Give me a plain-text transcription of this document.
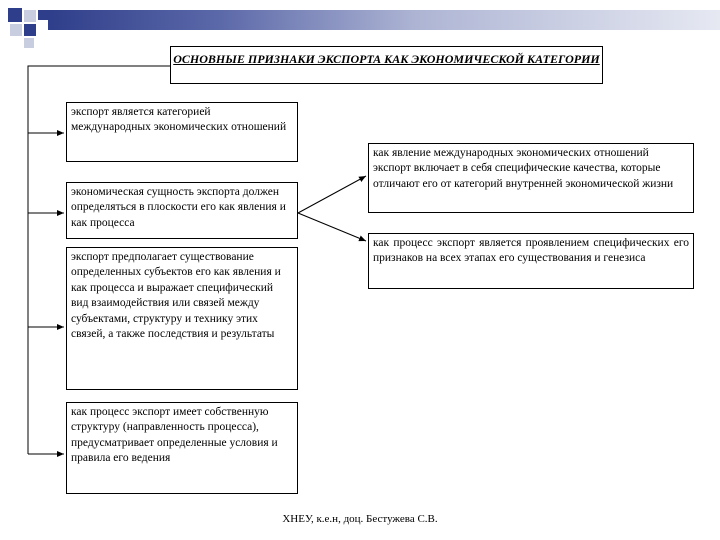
ОСНОВНЫЕ ПРИЗНАКИ ЭКСПОРТА КАК ЭКОНОМИЧЕСКОЙ КАТЕГОРИИ
экспорт является категорией международных экономических отношений
экономическая сущность экспорта должен определяться в плоскости его как явления и как процесса
экспорт предполагает существование определенных субъектов его как явления и как процесса и выражает специфический вид взаимодействия или связей между субъектами, структуру и технику этих связей, а также последствия и результаты
как процесс экспорт имеет собственную структуру (направленность процесса), предусматривает определенные условия и правила его ведения
как явление международных экономических отношений экспорт включает в себя специфические качества, которые отличают его от категорий внутренней экономической жизни
как процесс экспорт является проявлением специфических его признаков на всех этапах его существования и генезиса
ХНЕУ, к.е.н, доц. Бестужева С.В.
